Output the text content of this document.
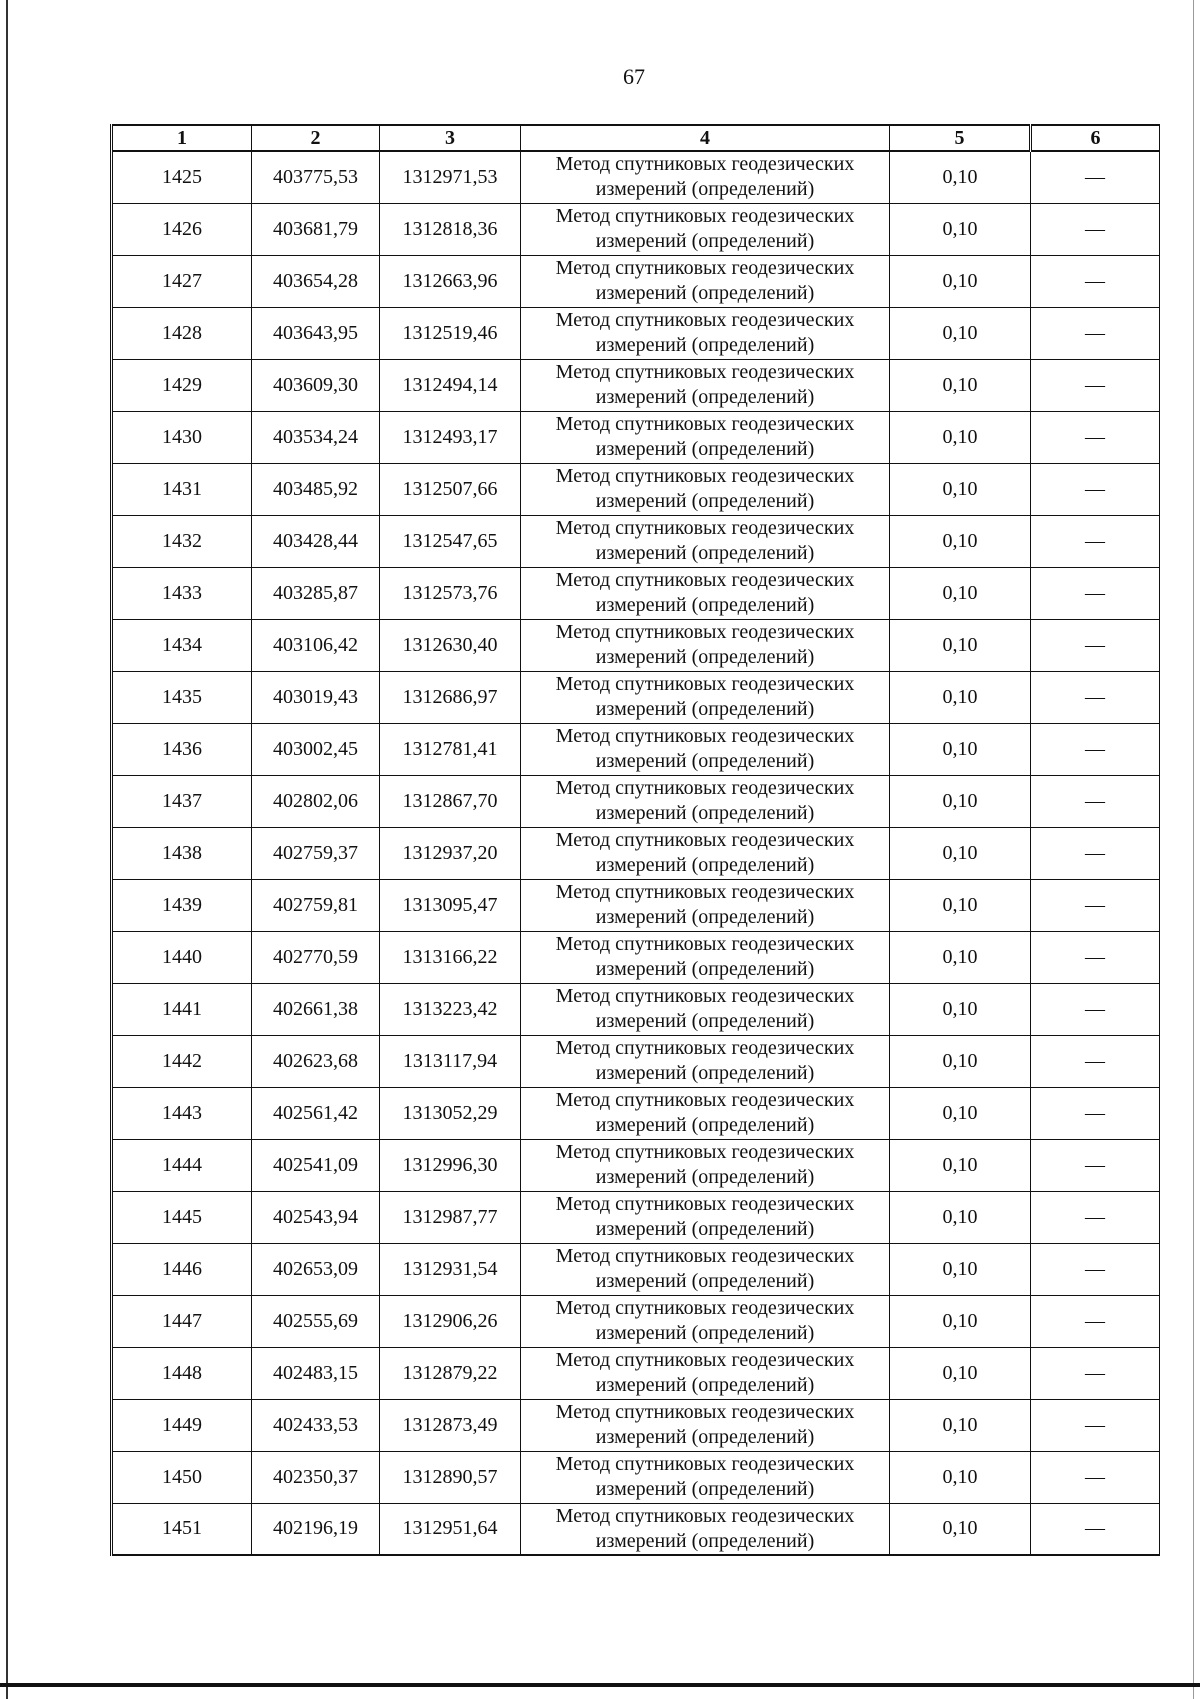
67
1	2	3	4	5	6
1425	403775,53	1312971,53	Метод спутниковых геодезических
измерений (определений)	0,10	—
1426	403681,79	1312818,36	Метод спутниковых геодезических
измерений (определений)	0,10	—
1427	403654,28	1312663,96	Метод спутниковых геодезических
измерений (определений)	0,10	—
1428	403643,95	1312519,46	Метод спутниковых геодезических
измерений (определений)	0,10	—
1429	403609,30	1312494,14	Метод спутниковых геодезических
измерений (определений)	0,10	—
1430	403534,24	1312493,17	Метод спутниковых геодезических
измерений (определений)	0,10	—
1431	403485,92	1312507,66	Метод спутниковых геодезических
измерений (определений)	0,10	—
1432	403428,44	1312547,65	Метод спутниковых геодезических
измерений (определений)	0,10	—
1433	403285,87	1312573,76	Метод спутниковых геодезических
измерений (определений)	0,10	—
1434	403106,42	1312630,40	Метод спутниковых геодезических
измерений (определений)	0,10	—
1435	403019,43	1312686,97	Метод спутниковых геодезических
измерений (определений)	0,10	—
1436	403002,45	1312781,41	Метод спутниковых геодезических
измерений (определений)	0,10	—
1437	402802,06	1312867,70	Метод спутниковых геодезических
измерений (определений)	0,10	—
1438	402759,37	1312937,20	Метод спутниковых геодезических
измерений (определений)	0,10	—
1439	402759,81	1313095,47	Метод спутниковых геодезических
измерений (определений)	0,10	—
1440	402770,59	1313166,22	Метод спутниковых геодезических
измерений (определений)	0,10	—
1441	402661,38	1313223,42	Метод спутниковых геодезических
измерений (определений)	0,10	—
1442	402623,68	1313117,94	Метод спутниковых геодезических
измерений (определений)	0,10	—
1443	402561,42	1313052,29	Метод спутниковых геодезических
измерений (определений)	0,10	—
1444	402541,09	1312996,30	Метод спутниковых геодезических
измерений (определений)	0,10	—
1445	402543,94	1312987,77	Метод спутниковых геодезических
измерений (определений)	0,10	—
1446	402653,09	1312931,54	Метод спутниковых геодезических
измерений (определений)	0,10	—
1447	402555,69	1312906,26	Метод спутниковых геодезических
измерений (определений)	0,10	—
1448	402483,15	1312879,22	Метод спутниковых геодезических
измерений (определений)	0,10	—
1449	402433,53	1312873,49	Метод спутниковых геодезических
измерений (определений)	0,10	—
1450	402350,37	1312890,57	Метод спутниковых геодезических
измерений (определений)	0,10	—
1451	402196,19	1312951,64	Метод спутниковых геодезических
измерений (определений)	0,10	—
